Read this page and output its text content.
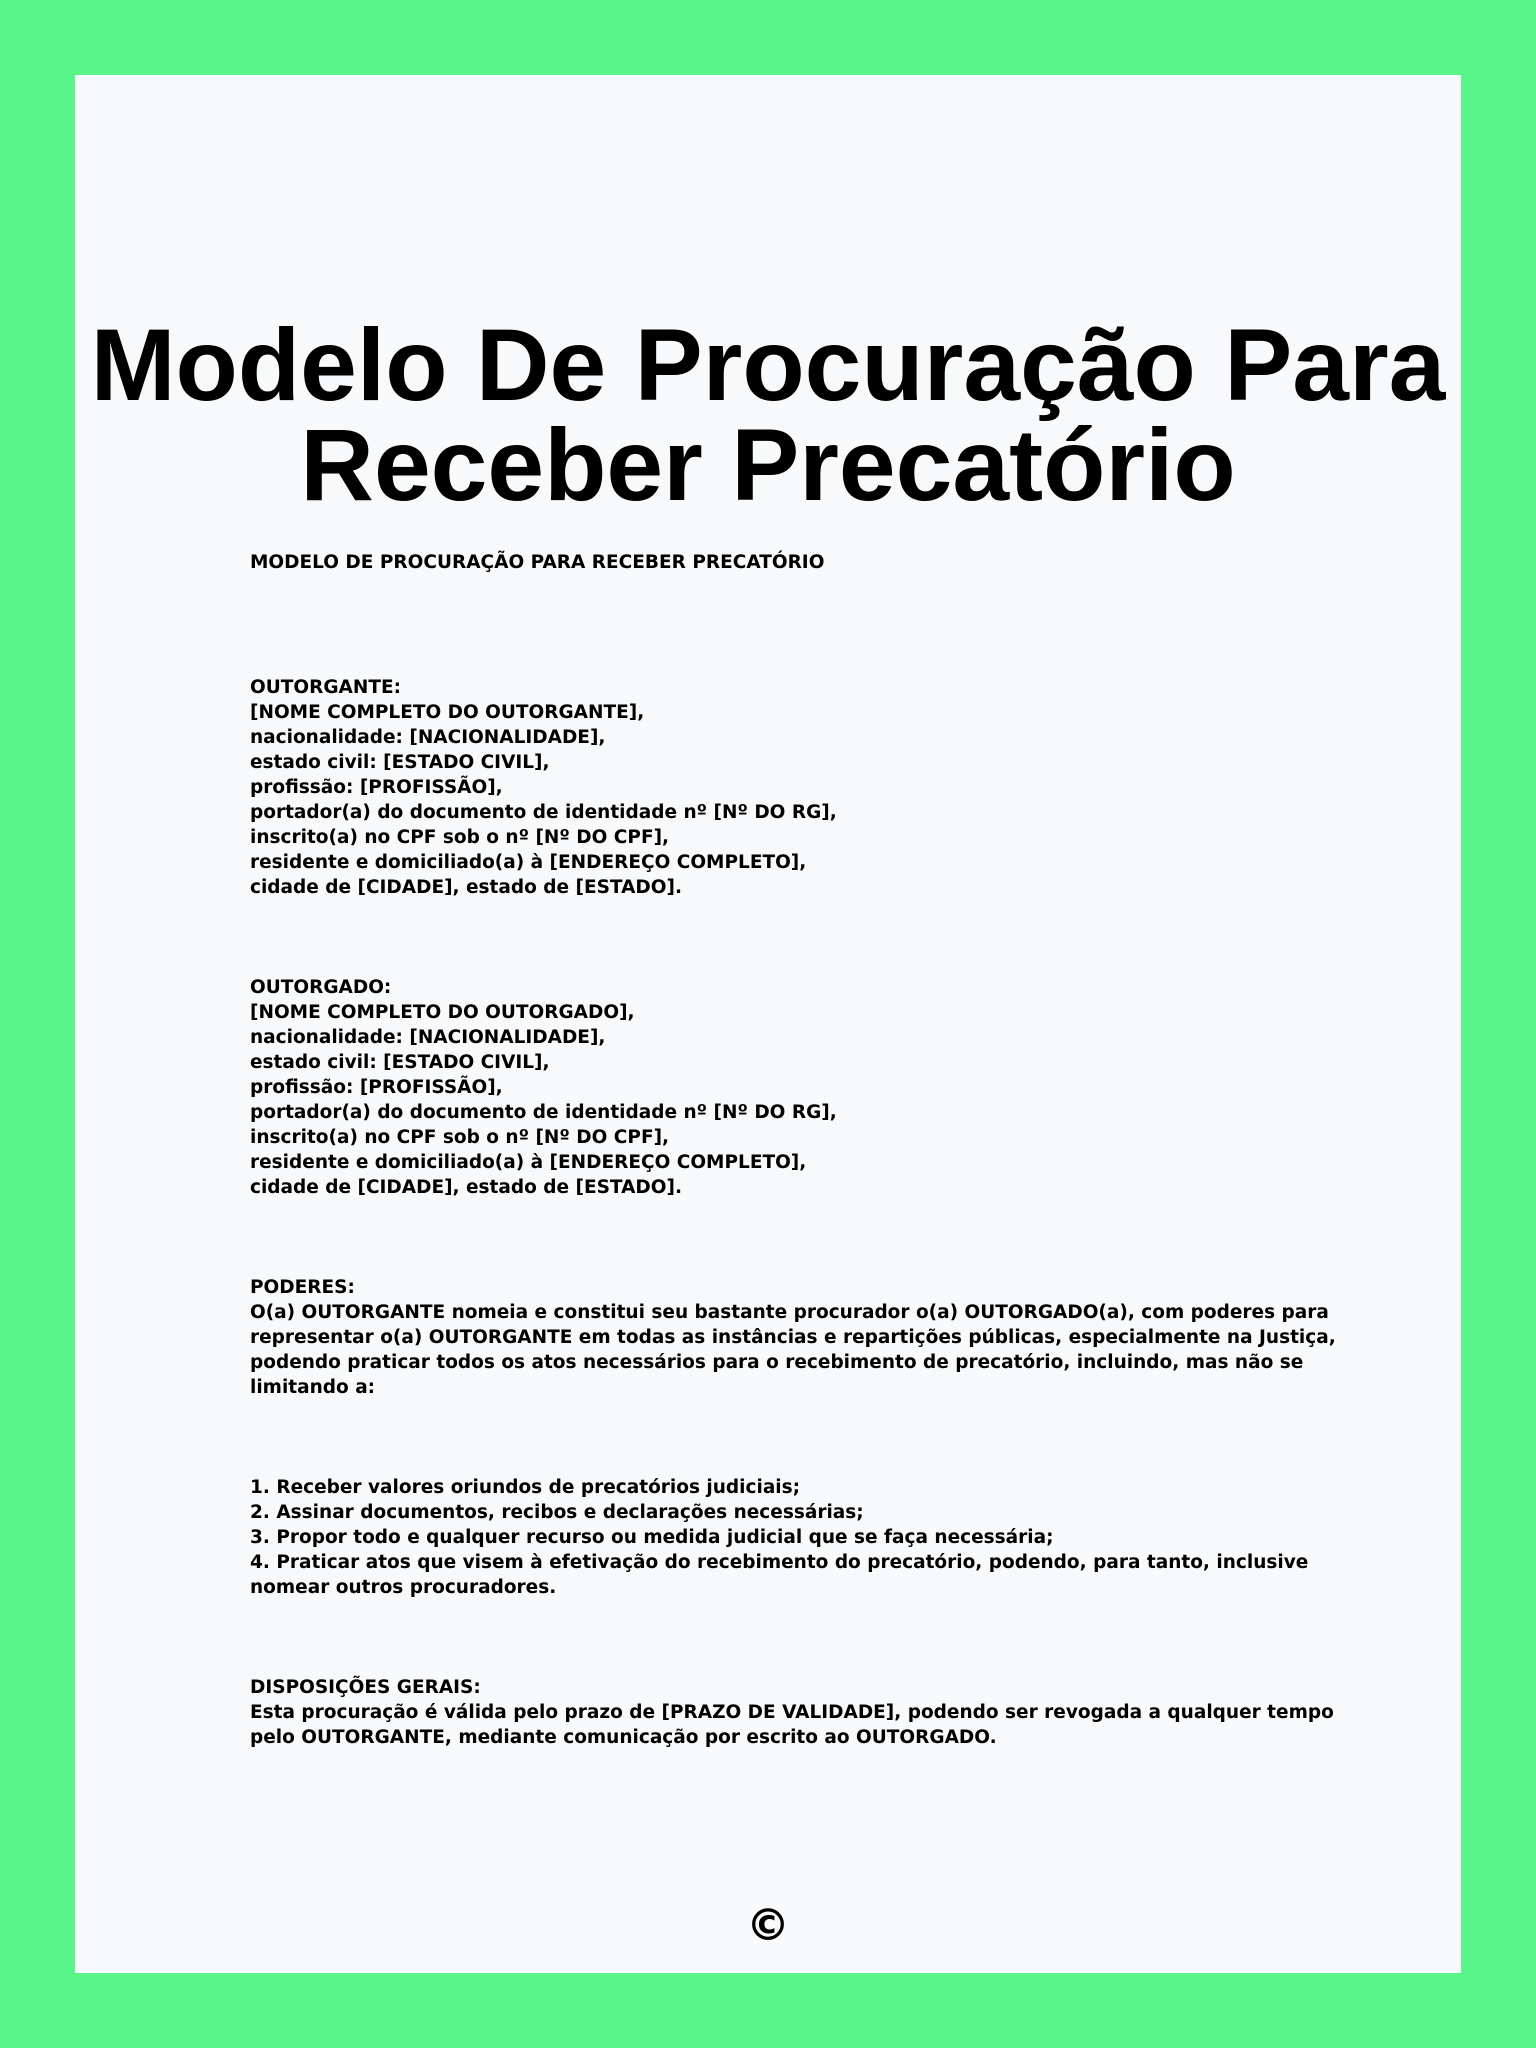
Modelo De Procuração Para
Receber Precatório
MODELO DE PROCURAÇÃO PARA RECEBER PRECATÓRIO
OUTORGANTE:
[NOME COMPLETO DO OUTORGANTE],
nacionalidade: [NACIONALIDADE],
estado civil: [ESTADO CIVIL],
profissão: [PROFISSÃO],
portador(a) do documento de identidade nº [Nº DO RG],
inscrito(a) no CPF sob o nº [Nº DO CPF],
residente e domiciliado(a) à [ENDEREÇO COMPLETO],
cidade de [CIDADE], estado de [ESTADO].
OUTORGADO:
[NOME COMPLETO DO OUTORGADO],
nacionalidade: [NACIONALIDADE],
estado civil: [ESTADO CIVIL],
profissão: [PROFISSÃO],
portador(a) do documento de identidade nº [Nº DO RG],
inscrito(a) no CPF sob o nº [Nº DO CPF],
residente e domiciliado(a) à [ENDEREÇO COMPLETO],
cidade de [CIDADE], estado de [ESTADO].
PODERES:
O(a) OUTORGANTE nomeia e constitui seu bastante procurador o(a) OUTORGADO(a), com poderes para
representar o(a) OUTORGANTE em todas as instâncias e repartições públicas, especialmente na Justiça,
podendo praticar todos os atos necessários para o recebimento de precatório, incluindo, mas não se
limitando a:
1. Receber valores oriundos de precatórios judiciais;
2. Assinar documentos, recibos e declarações necessárias;
3. Propor todo e qualquer recurso ou medida judicial que se faça necessária;
4. Praticar atos que visem à efetivação do recebimento do precatório, podendo, para tanto, inclusive
nomear outros procuradores.
DISPOSIÇÕES GERAIS:
Esta procuração é válida pelo prazo de [PRAZO DE VALIDADE], podendo ser revogada a qualquer tempo
pelo OUTORGANTE, mediante comunicação por escrito ao OUTORGADO.
©
